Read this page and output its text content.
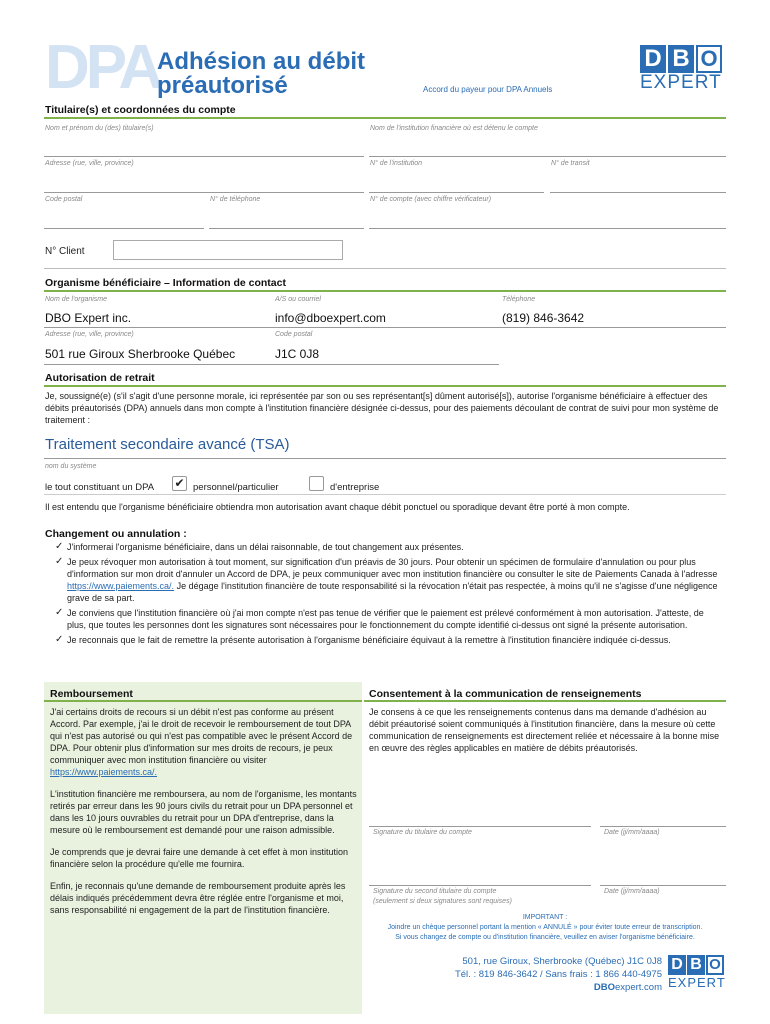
DPA
Adhésion au débit
préautorisé	Accord du payeur pour DPA Annuels
D B O
EXPERT
Titulaire(s) et coordonnées du compte
Nom et prénom du (des) titulaire(s)	Nom de l'institution financière où est détenu le compte
Adresse (rue, ville, province)	N° de l'institution	N° de transit
Code postal	N° de téléphone	N° de compte (avec chiffre vérificateur)
N° Client
Organisme bénéficiaire – Information de contact
Nom de l'organisme	A/S ou courriel	Téléphone
DBO Expert inc.	info@dboexpert.com	(819) 846-3642
Adresse (rue, ville, province)	Code postal
501 rue Giroux Sherbrooke Québec	J1C 0J8
Autorisation de retrait
Je, soussigné(e) (s'il s'agit d'une personne morale, ici représentée par son ou ses représentant[s] dûment autorisé[s]), autorise l'organisme bénéficiaire à effectuer des débits préautorisés (DPA) annuels dans mon compte à l'institution financière désignée ci-dessus, pour des paiements découlant de contrat de suivi pour mon système de traitement :
Traitement secondaire avancé (TSA)
nom du système
le tout constituant un DPA ✔ personnel/particulier	d'entreprise
Il est entendu que l'organisme bénéficiaire obtiendra mon autorisation avant chaque débit ponctuel ou sporadique devant être porté à mon compte.
Changement ou annulation :
✓ J'informerai l'organisme bénéficiaire, dans un délai raisonnable, de tout changement aux présentes.
✓ Je peux révoquer mon autorisation à tout moment, sur signification d'un préavis de 30 jours. Pour obtenir un spécimen de formulaire d'annulation ou pour plus d'information sur mon droit d'annuler un Accord de DPA, je peux communiquer avec mon institution financière ou consulter le site de Paiements Canada à l'adresse https://www.paiements.ca/. Je dégage l'institution financière de toute responsabilité si la révocation n'était pas respectée, à moins qu'il ne s'agisse d'une négligence grave de sa part.
✓ Je conviens que l'institution financière où j'ai mon compte n'est pas tenue de vérifier que le paiement est prélevé conformément à mon autorisation. J'atteste, de plus, que toutes les personnes dont les signatures sont nécessaires pour le fonctionnement du compte identifié ci-dessus ont signé la présente autorisation.
✓ Je reconnais que le fait de remettre la présente autorisation à l'organisme bénéficiaire équivaut à la remettre à l'institution financière indiquée ci-dessus.
Remboursement

J'ai certains droits de recours si un débit n'est pas conforme au présent Accord. Par exemple, j'ai le droit de recevoir le remboursement de tout DPA qui n'est pas autorisé ou qui n'est pas compatible avec le présent Accord de DPA. Pour obtenir plus d'information sur mes droits de recours, je peux communiquer avec mon institution financière ou visiter https://www.paiements.ca/.

L'institution financière me remboursera, au nom de l'organisme, les montants retirés par erreur dans les 90 jours civils du retrait pour un DPA personnel et dans les 10 jours ouvrables du retrait pour un DPA d'entreprise, dans la mesure où le remboursement est demandé pour une raison admissible.

Je comprends que je devrai faire une demande à cet effet à mon institution financière selon la procédure qu'elle me fournira.

Enfin, je reconnais qu'une demande de remboursement produite après les délais indiqués précédemment devra être réglée entre l'organisme et moi, sans responsabilité ni engagement de la part de l'institution financière.

Consentement à la communication de renseignements
Je consens à ce que les renseignements contenus dans ma demande d'adhésion au débit préautorisé soient communiqués à l'institution financière, dans la mesure où cette communication de renseignements est directement reliée et nécessaire à la bonne mise en œuvre des règles applicables en matière de débits préautorisés.
Signature du titulaire du compte	Date (jj/mm/aaaa)
Signature du second titulaire du compte
(seulement si deux signatures sont requises)
Date (jj/mm/aaaa)
IMPORTANT :
Joindre un chèque personnel portant la mention « ANNULÉ » pour éviter toute erreur de transcription.
Si vous changez de compte ou d'institution financière, veuillez en aviser l'organisme bénéficiaire.
501, rue Giroux, Sherbrooke (Québec) J1C 0J8
Tél. : 819 846-3642 / Sans frais : 1 866 440-4975
DBOexpert.com
D B O
EXPERT
